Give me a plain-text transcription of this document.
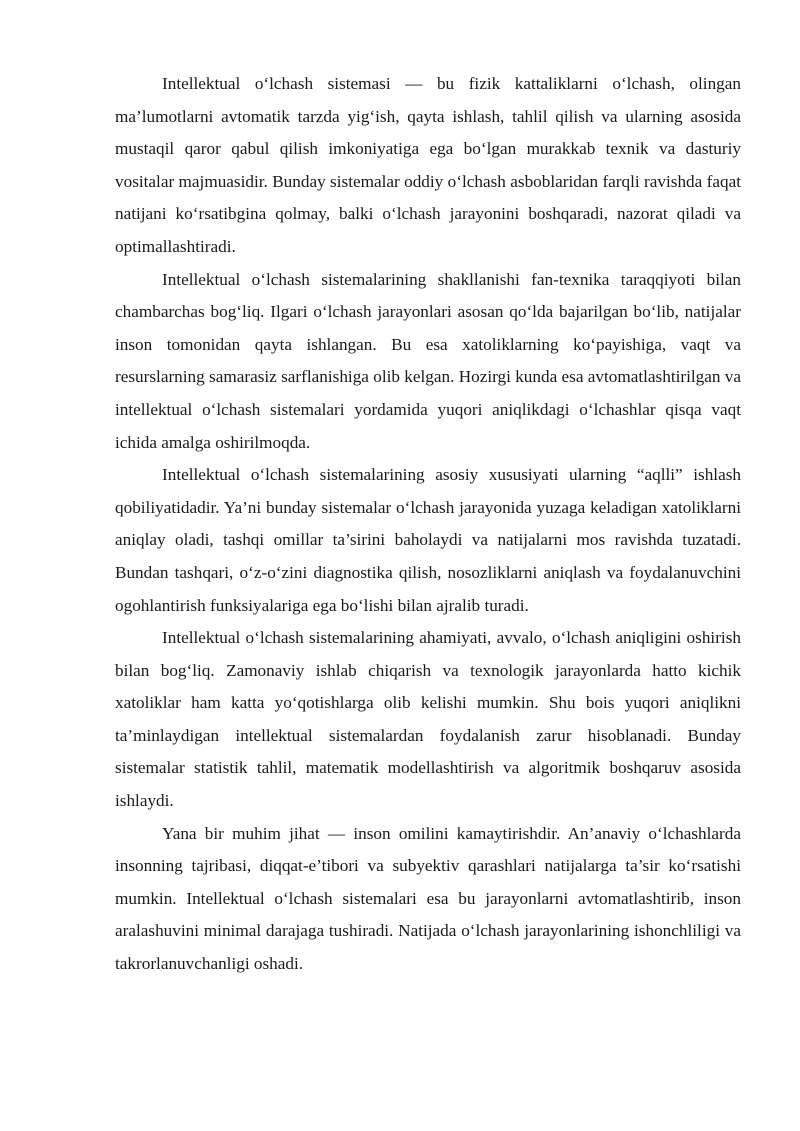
Intellektual o‘lchash sistemasi — bu fizik kattaliklarni o‘lchash, olingan ma’lumotlarni avtomatik tarzda yig‘ish, qayta ishlash, tahlil qilish va ularning asosida mustaqil qaror qabul qilish imkoniyatiga ega bo‘lgan murakkab texnik va dasturiy vositalar majmuasidir. Bunday sistemalar oddiy o‘lchash asboblaridan farqli ravishda faqat natijani ko‘rsatibgina qolmay, balki o‘lchash jarayonini boshqaradi, nazorat qiladi va optimallashtiradi.

Intellektual o‘lchash sistemalarining shakllanishi fan-texnika taraqqiyoti bilan chambarchas bog‘liq. Ilgari o‘lchash jarayonlari asosan qo‘lda bajarilgan bo‘lib, natijalar inson tomonidan qayta ishlangan. Bu esa xatoliklarning ko‘payishiga, vaqt va resurslarning samarasiz sarflanishiga olib kelgan. Hozirgi kunda esa avtomatlashtirilgan va intellektual o‘lchash sistemalari yordamida yuqori aniqlikdagi o‘lchashlar qisqa vaqt ichida amalga oshirilmoqda.

Intellektual o‘lchash sistemalarining asosiy xususiyati ularning “aqlli” ishlash qobiliyatidadir. Ya’ni bunday sistemalar o‘lchash jarayonida yuzaga keladigan xatoliklarni aniqlay oladi, tashqi omillar ta’sirini baholaydi va natijalarni mos ravishda tuzatadi. Bundan tashqari, o‘z-o‘zini diagnostika qilish, nosozliklarni aniqlash va foydalanuvchini ogohlantirish funksiyalariga ega bo‘lishi bilan ajralib turadi.

Intellektual o‘lchash sistemalarining ahamiyati, avvalo, o‘lchash aniqligini oshirish bilan bog‘liq. Zamonaviy ishlab chiqarish va texnologik jarayonlarda hatto kichik xatoliklar ham katta yo‘qotishlarga olib kelishi mumkin. Shu bois yuqori aniqlikni ta’minlaydigan intellektual sistemalardan foydalanish zarur hisoblanadi. Bunday sistemalar statistik tahlil, matematik modellashtirish va algoritmik boshqaruv asosida ishlaydi.

Yana bir muhim jihat — inson omilini kamaytirishdir. An’anaviy o‘lchashlarda insonning tajribasi, diqqat-e’tibori va subyektiv qarashlari natijalarga ta’sir ko‘rsatishi mumkin. Intellektual o‘lchash sistemalari esa bu jarayonlarni avtomatlashtirib, inson aralashuvini minimal darajaga tushiradi. Natijada o‘lchash jarayonlarining ishonchliligi va takrorlanuvchanligi oshadi.
